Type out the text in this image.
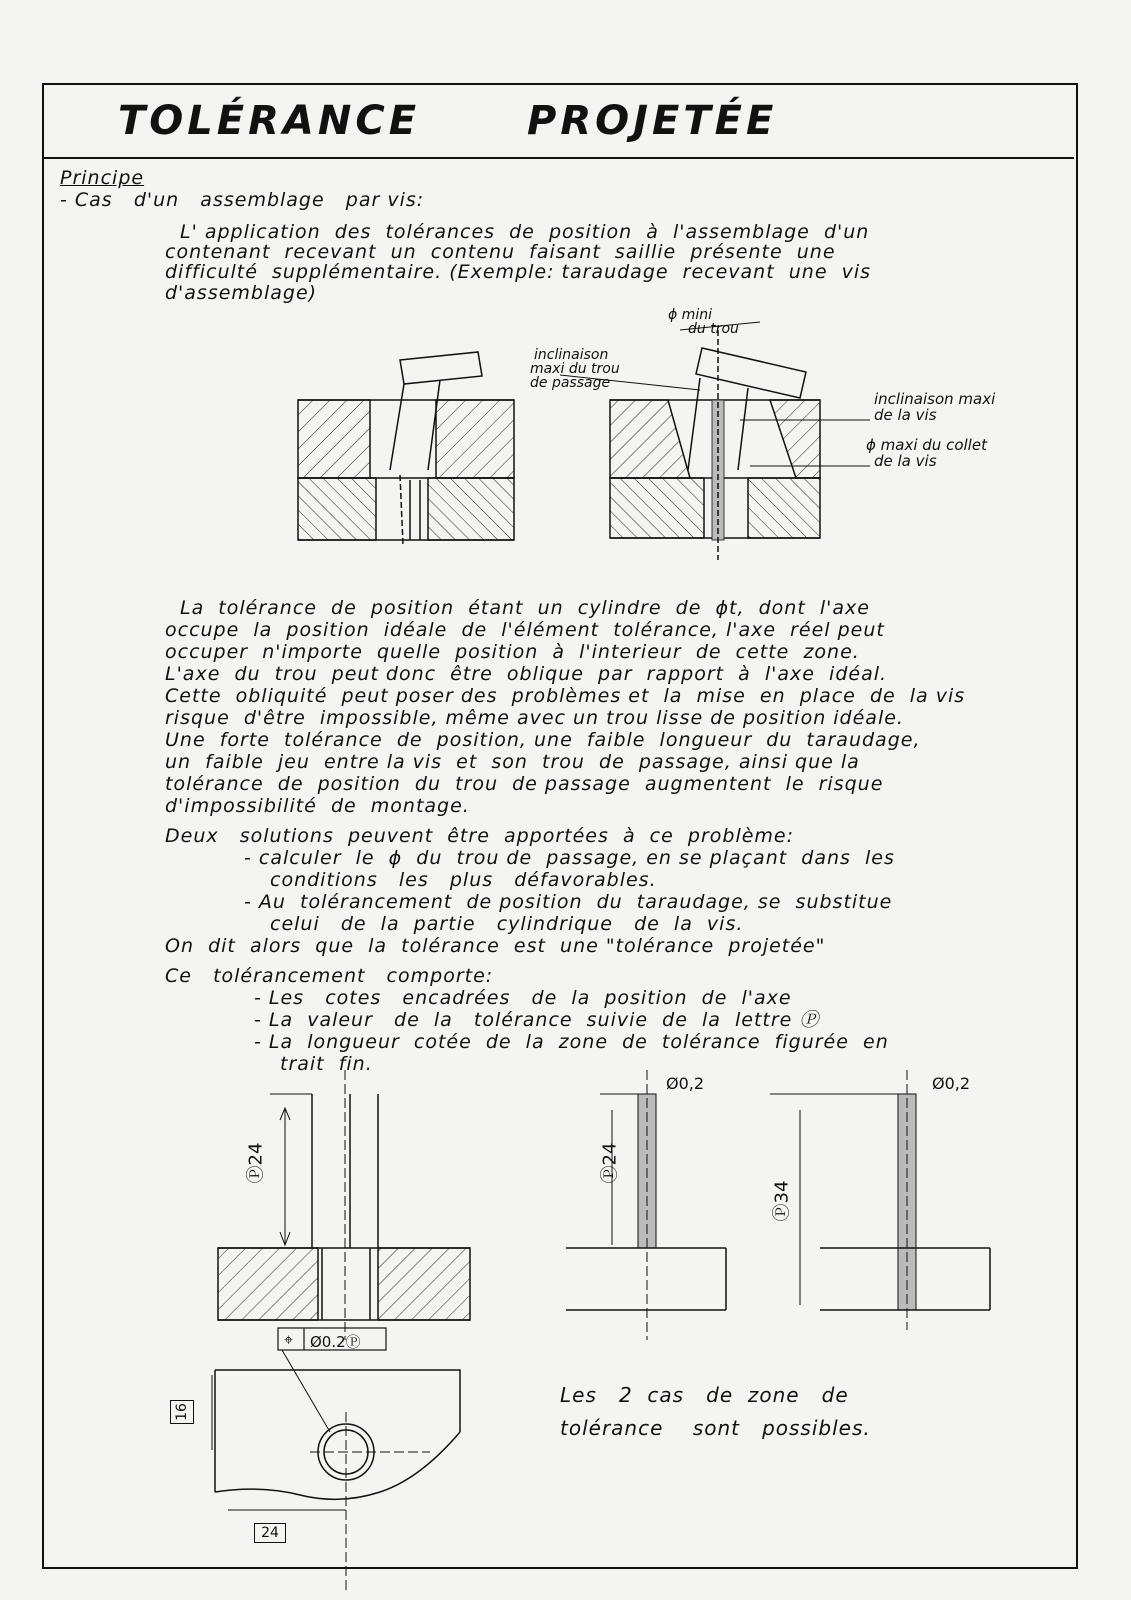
TOLÉRANCE	PROJETÉE
Principe
- Cas   d'un   assemblage   par vis:
L' application  des  tolérances  de  position  à  l'assemblage  d'un
contenant  recevant  un  contenu  faisant  saillie  présente  une
difficulté  supplémentaire. (Exemple: taraudage  recevant  une  vis
d'assemblage)
inclinaison
maxi du trou
de passage
ϕ mini
du trou
inclinaison maxi
de la vis
ϕ maxi du collet
de la vis
La  tolérance  de  position  étant  un  cylindre  de  ϕt,  dont  l'axe
occupe  la  position  idéale  de  l'élément  tolérance, l'axe  réel peut
occuper  n'importe  quelle  position  à  l'interieur  de  cette  zone.
L'axe  du  trou  peut donc  être  oblique  par  rapport  à  l'axe  idéal.
Cette  obliquité  peut poser des  problèmes et  la  mise  en  place  de  la vis
risque  d'être  impossible, même avec un trou lisse de position idéale.
Une  forte  tolérance  de  position, une  faible  longueur  du  taraudage,
un  faible  jeu  entre la vis  et  son  trou  de  passage, ainsi que la
tolérance  de  position  du  trou  de passage  augmentent  le  risque
d'impossibilité  de  montage.
Deux   solutions  peuvent  être  apportées  à  ce  problème:
- calculer  le  ϕ  du  trou de  passage, en se plaçant  dans  les
conditions   les   plus   défavorables.
- Au  tolérancement  de position  du  taraudage, se  substitue
celui   de  la  partie   cylindrique   de  la  vis.
On  dit  alors  que  la  tolérance  est  une "tolérance  projetée"
Ce   tolérancement   comporte:
- Les   cotes   encadrées   de  la  position  de  l'axe
- La  valeur   de  la   tolérance  suivie  de  la  lettre Ⓟ
- La  longueur  cotée  de  la  zone  de  tolérance  figurée  en
trait  fin.
Ⓟ24	Ⓟ24
Ⓟ34
Ø0,2	Ø0,2
⌖ Ø0.2Ⓟ
16
24
Les   2  cas   de  zone   de
tolérance    sont   possibles.
